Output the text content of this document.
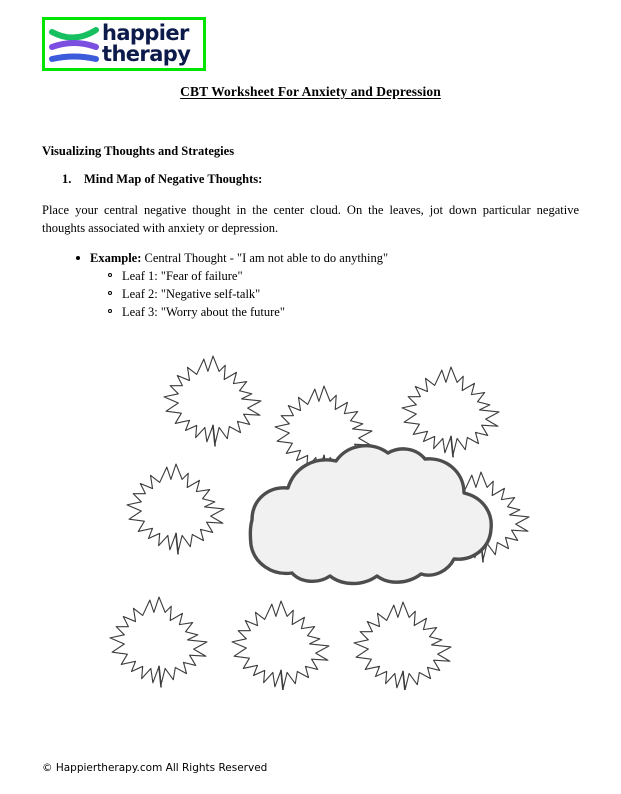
happier
therapy
CBT Worksheet For Anxiety and Depression
Visualizing Thoughts and Strategies
1. Mind Map of Negative Thoughts:
Place your central negative thought in the center cloud. On the leaves, jot down particular negative thoughts associated with anxiety or depression.
Example: Central Thought - "I am not able to do anything"
Leaf 1: "Fear of failure"
Leaf 2: "Negative self-talk"
Leaf 3: "Worry about the future"
© Happiertherapy.com All Rights Reserved
